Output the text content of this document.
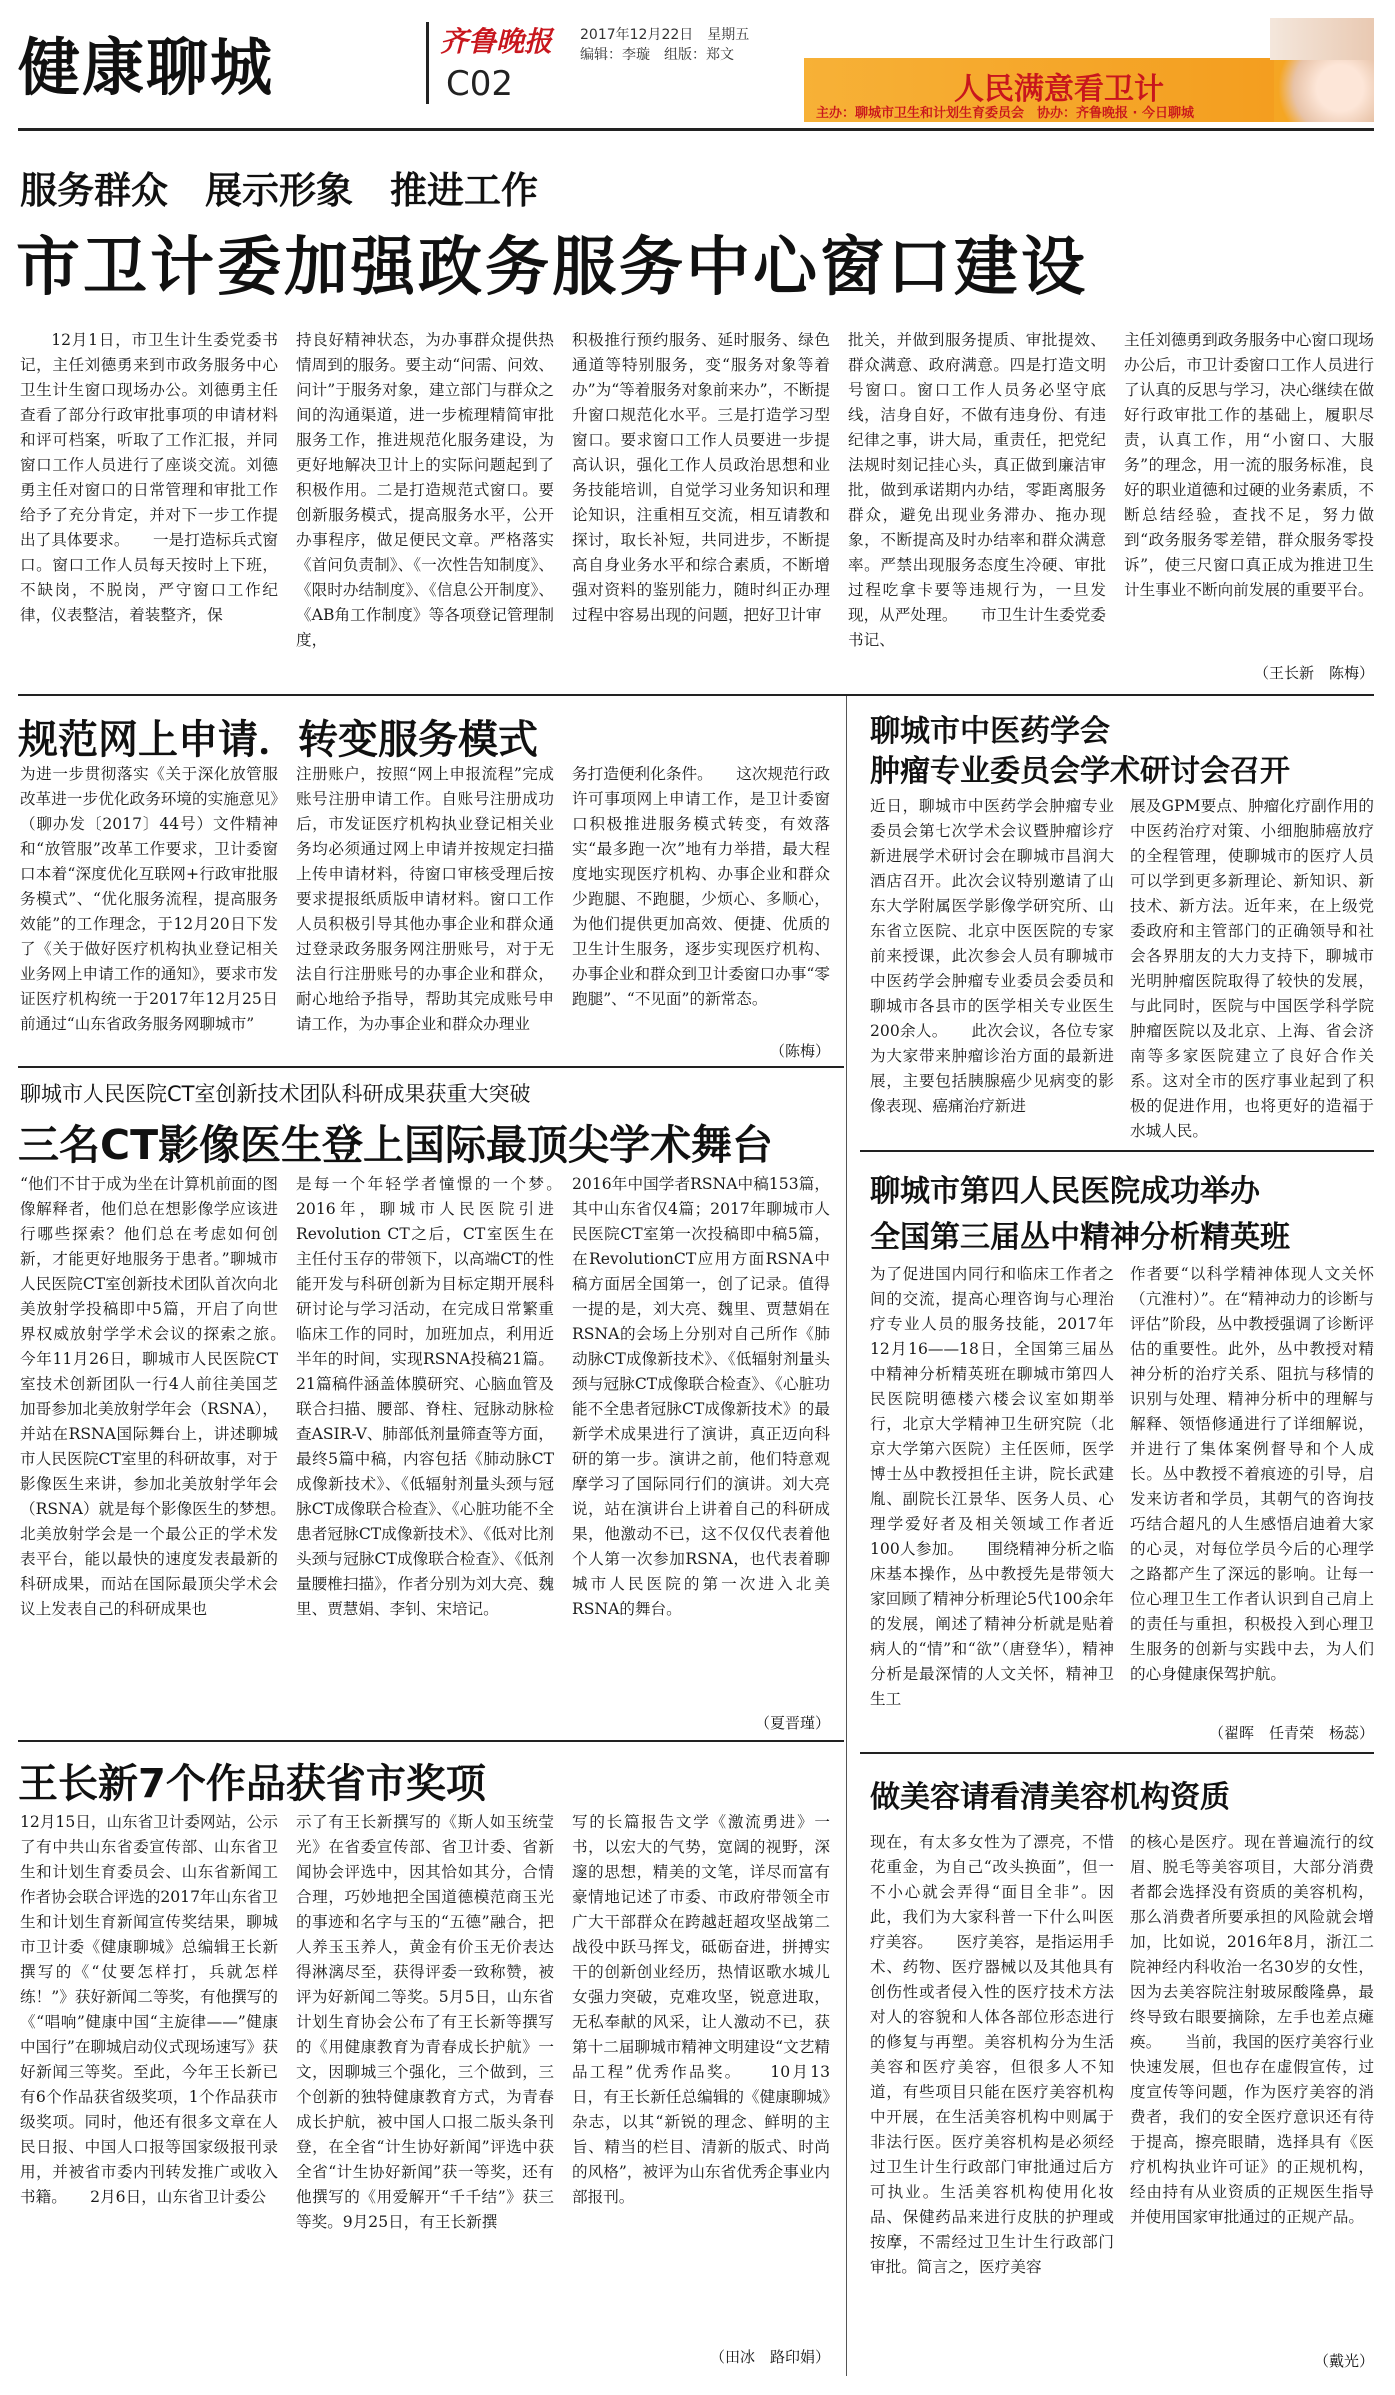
健康聊城	齐鲁晚报
C02
2017年12月22日　 星期五
编辑：李璇　 组版：郑文
人民满意看卫计
主办：聊城市卫生和计划生育委员会　 协办：齐鲁晚报 · 今日聊城
服务群众　展示形象　推进工作
市卫计委加强政务服务中心窗口建设
12月1日，市卫生计生委党委书记，主任刘德勇来到市政务服务中心卫生计生窗口现场办公。刘德勇主任查看了部分行政审批事项的申请材料和评可档案，听取了工作汇报，并同窗口工作人员进行了座谈交流。刘德勇主任对窗口的日常管理和审批工作给予了充分肯定，并对下一步工作提出了具体要求。　　一是打造标兵式窗口。窗口工作人员每天按时上下班，不缺岗，不脱岗，严守窗口工作纪律，仪表整洁，着装整齐，保
持良好精神状态，为办事群众提供热情周到的服务。要主动“问需、问效、问计”于服务对象，建立部门与群众之间的沟通渠道，进一步梳理精简审批服务工作，推进规范化服务建设，为更好地解决卫计上的实际问题起到了积极作用。二是打造规范式窗口。要创新服务模式，提高服务水平，公开办事程序，做足便民文章。严格落实《首问负责制》、《一次性告知制度》、《限时办结制度》、《信息公开制度》、《AB角工作制度》等各项登记管理制度，
积极推行预约服务、延时服务、绿色通道等特别服务，变“服务对象等着办”为“等着服务对象前来办”，不断提升窗口规范化水平。三是打造学习型窗口。要求窗口工作人员要进一步提高认识，强化工作人员政治思想和业务技能培训，自觉学习业务知识和理论知识，注重相互交流，相互请教和探讨，取长补短，共同进步，不断提高自身业务水平和综合素质，不断增强对资料的鉴别能力，随时纠正办理过程中容易出现的问题，把好卫计审
批关，并做到服务提质、审批提效、群众满意、政府满意。四是打造文明号窗口。窗口工作人员务必坚守底线，洁身自好，不做有违身份、有违纪律之事，讲大局，重责任，把党纪法规时刻记挂心头，真正做到廉洁审批，做到承诺期内办结，零距离服务群众，避免出现业务滞办、拖办现象，不断提高及时办结率和群众满意率。严禁出现服务态度生冷硬、审批过程吃拿卡要等违规行为，一旦发现，从严处理。　　市卫生计生委党委书记、
主任刘德勇到政务服务中心窗口现场办公后，市卫计委窗口工作人员进行了认真的反思与学习，决心继续在做好行政审批工作的基础上，履职尽责，认真工作，用“小窗口、大服务”的理念，用一流的服务标准，良好的职业道德和过硬的业务素质，不断总结经验，查找不足，努力做到“政务服务零差错，群众服务零投诉”，使三尺窗口真正成为推进卫生计生事业不断向前发展的重要平台。
（王长新　陈梅）
规范网上申请．转变服务模式
为进一步贯彻落实《关于深化放管服改革进一步优化政务环境的实施意见》（聊办发〔2017〕44号）文件精神和“放管服”改革工作要求，卫计委窗口本着“深度优化互联网+行政审批服务模式”、“优化服务流程，提高服务效能”的工作理念，于12月20日下发了《关于做好医疗机构执业登记相关业务网上申请工作的通知》，要求市发证医疗机构统一于2017年12月25日前通过“山东省政务服务网聊城市”
注册账户，按照“网上申报流程”完成账号注册申请工作。自账号注册成功后，市发证医疗机构执业登记相关业务均必须通过网上申请并按规定扫描上传申请材料，待窗口审核受理后按要求提报纸质版申请材料。窗口工作人员积极引导其他办事企业和群众通过登录政务服务网注册账号，对于无法自行注册账号的办事企业和群众，耐心地给予指导，帮助其完成账号申请工作，为办事企业和群众办理业
务打造便利化条件。　　这次规范行政许可事项网上申请工作，是卫计委窗口积极推进服务模式转变，有效落实“最多跑一次”地有力举措，最大程度地实现医疗机构、办事企业和群众少跑腿、不跑腿，少烦心、多顺心，为他们提供更加高效、便捷、优质的卫生计生服务，逐步实现医疗机构、办事企业和群众到卫计委窗口办事“零跑腿”、“不见面”的新常态。
（陈梅）
聊城市人民医院CT室创新技术团队科研成果获重大突破
三名CT影像医生登上国际最顶尖学术舞台
“他们不甘于成为坐在计算机前面的图像解释者，他们总在想影像学应该进行哪些探索？他们总在考虑如何创新，才能更好地服务于患者。”聊城市人民医院CT室创新技术团队首次向北美放射学投稿即中5篇，开启了向世界权威放射学学术会议的探索之旅。　　今年11月26日，聊城市人民医院CT室技术创新团队一行4人前往美国芝加哥参加北美放射学年会（RSNA），并站在RSNA国际舞台上，讲述聊城市人民医院CT室里的科研故事，对于影像医生来讲，参加北美放射学年会（RSNA）就是每个影像医生的梦想。　　北美放射学会是一个最公正的学术发表平台，能以最快的速度发表最新的科研成果，而站在国际最顶尖学术会议上发表自己的科研成果也
是每一个年轻学者憧憬的一个梦。　　2016年，聊城市人民医院引进Revolution CT之后，CT室医生在主任付玉存的带领下，以高端CT的性能开发与科研创新为目标定期开展科研讨论与学习活动，在完成日常繁重临床工作的同时，加班加点，利用近半年的时间，实现RSNA投稿21篇。21篇稿件涵盖体膜研究、心脑血管及联合扫描、腰部、脊柱、冠脉动脉检查ASIR-V、肺部低剂量筛查等方面，最终5篇中稿，内容包括《肺动脉CT成像新技术》、《低辐射剂量头颈与冠脉CT成像联合检查》、《心脏功能不全患者冠脉CT成像新技术》、《低对比剂头颈与冠脉CT成像联合检查》、《低剂量腰椎扫描》，作者分别为刘大亮、魏里、贾慧娟、李钊、宋培记。
2016年中国学者RSNA中稿153篇，其中山东省仅4篇；2017年聊城市人民医院CT室第一次投稿即中稿5篇，在RevolutionCT应用方面RSNA中稿方面居全国第一，创了记录。值得一提的是，刘大亮、魏里、贾慧娟在RSNA的会场上分别对自己所作《肺动脉CT成像新技术》、《低辐射剂量头颈与冠脉CT成像联合检查》、《心脏功能不全患者冠脉CT成像新技术》的最新学术成果进行了演讲，真正迈向科研的第一步。演讲之前，他们特意观摩学习了国际同行们的演讲。刘大亮说，站在演讲台上讲着自己的科研成果，他激动不已，这不仅仅代表着他个人第一次参加RSNA，也代表着聊城市人民医院的第一次进入北美RSNA的舞台。
（夏晋瑾）
王长新7个作品获省市奖项
12月15日，山东省卫计委网站，公示了有中共山东省委宣传部、山东省卫生和计划生育委员会、山东省新闻工作者协会联合评选的2017年山东省卫生和计划生育新闻宣传奖结果，聊城市卫计委《健康聊城》总编辑王长新撰写的《“仗要怎样打，兵就怎样练！”》获好新闻二等奖，有他撰写的《“唱响”健康中国“主旋律——”健康中国行”在聊城启动仪式现场速写》获好新闻三等奖。至此，今年王长新已有6个作品获省级奖项，1个作品获市级奖项。同时，他还有很多文章在人民日报、中国人口报等国家级报刊录用，并被省市委内刊转发推广或收入书籍。　　2月6日，山东省卫计委公
示了有王长新撰写的《斯人如玉统莹光》在省委宣传部、省卫计委、省新闻协会评选中，因其恰如其分，合情合理，巧妙地把全国道德模范商玉光的事迹和名字与玉的“五德”融合，把人养玉玉养人，黄金有价玉无价表达得淋漓尽至，获得评委一致称赞，被评为好新闻二等奖。5月5日，山东省计划生育协会公布了有王长新等撰写的《用健康教育为青春成长护航》一文，因聊城三个强化，三个做到，三个创新的独特健康教育方式，为青春成长护航，被中国人口报二版头条刊登，在全省“计生协好新闻”评选中获全省“计生协好新闻”获一等奖，还有他撰写的《用爱解开“千千结”》获三等奖。9月25日，有王长新撰
写的长篇报告文学《激流勇进》一书，以宏大的气势，宽阔的视野，深邃的思想，精美的文笔，详尽而富有豪情地记述了市委、市政府带领全市广大干部群众在跨越赶超攻坚战第二战役中跃马挥戈，砥砺奋进，拼搏实干的创新创业经历，热情讴歌水城儿女强力突破，克难攻坚，锐意进取，无私奉献的风采，让人激动不已，获第十二届聊城市精神文明建设“文艺精品工程”优秀作品奖。　　10月13日，有王长新任总编辑的《健康聊城》杂志，以其“新锐的理念、鲜明的主旨、精当的栏目、清新的版式、时尚的风格”，被评为山东省优秀企事业内部报刊。
（田冰　路印娟）
聊城市中医药学会
肿瘤专业委员会学术研讨会召开
近日，聊城市中医药学会肿瘤专业委员会第七次学术会议暨肿瘤诊疗新进展学术研讨会在聊城市昌润大酒店召开。此次会议特别邀请了山东大学附属医学影像学研究所、山东省立医院、北京中医医院的专家前来授课，此次参会人员有聊城市中医药学会肿瘤专业委员会委员和聊城市各县市的医学相关专业医生200余人。　　此次会议，各位专家为大家带来肿瘤诊治方面的最新进展，主要包括胰腺癌少见病变的影像表现、癌痛治疗新进
展及GPM要点、肿瘤化疗副作用的中医药治疗对策、小细胞肺癌放疗的全程管理，使聊城市的医疗人员可以学到更多新理论、新知识、新技术、新方法。近年来，在上级党委政府和主管部门的正确领导和社会各界朋友的大力支持下，聊城市光明肿瘤医院取得了较快的发展，与此同时，医院与中国医学科学院肿瘤医院以及北京、上海、省会济南等多家医院建立了良好合作关系。这对全市的医疗事业起到了积极的促进作用，也将更好的造福于水城人民。
聊城市第四人民医院成功举办
全国第三届丛中精神分析精英班
为了促进国内同行和临床工作者之间的交流，提高心理咨询与心理治疗专业人员的服务技能，2017年12月16——18日，全国第三届丛中精神分析精英班在聊城市第四人民医院明德楼六楼会议室如期举行，北京大学精神卫生研究院（北京大学第六医院）主任医师，医学博士丛中教授担任主讲，院长武建胤、副院长江景华、医务人员、心理学爱好者及相关领域工作者近100人参加。　　围绕精神分析之临床基本操作，丛中教授先是带领大家回顾了精神分析理论5代100余年的发展，阐述了精神分析就是贴着病人的“情”和“欲”（唐登华），精神分析是最深情的人文关怀，精神卫生工
作者要“以科学精神体现人文关怀（亢淮村）”。在“精神动力的诊断与评估”阶段，丛中教授强调了诊断评估的重要性。此外，丛中教授对精神分析的治疗关系、阻抗与移情的识别与处理、精神分析中的理解与解释、领悟修通进行了详细解说，并进行了集体案例督导和个人成长。丛中教授不着痕迹的引导，启发来访者和学员，其朝气的咨询技巧结合超凡的人生感悟启迪着大家的心灵，对每位学员今后的心理学之路都产生了深远的影响。让每一位心理卫生工作者认识到自己肩上的责任与重担，积极投入到心理卫生服务的创新与实践中去，为人们的心身健康保驾护航。
（翟晖　任青荣　杨蕊）
做美容请看清美容机构资质
现在，有太多女性为了漂亮，不惜花重金，为自己“改头换面”，但一不小心就会弄得“面目全非”。因此，我们为大家科普一下什么叫医疗美容。　　医疗美容，是指运用手术、药物、医疗器械以及其他具有创伤性或者侵入性的医疗技术方法对人的容貌和人体各部位形态进行的修复与再塑。美容机构分为生活美容和医疗美容，但很多人不知道，有些项目只能在医疗美容机构中开展，在生活美容机构中则属于非法行医。医疗美容机构是必须经过卫生计生行政部门审批通过后方可执业。生活美容机构使用化妆品、保健药品来进行皮肤的护理或按摩，不需经过卫生计生行政部门审批。简言之，医疗美容
的核心是医疗。现在普遍流行的纹眉、脱毛等美容项目，大部分消费者都会选择没有资质的美容机构，那么消费者所要承担的风险就会增加，比如说，2016年8月，浙江二院神经内科收治一名30岁的女性，因为去美容院注射玻尿酸隆鼻，最终导致右眼要摘除，左手也差点瘫痪。　　当前，我国的医疗美容行业快速发展，但也存在虚假宣传，过度宣传等问题，作为医疗美容的消费者，我们的安全医疗意识还有待于提高，擦亮眼睛，选择具有《医疗机构执业许可证》的正规机构，经由持有从业资质的正规医生指导并使用国家审批通过的正规产品。
（戴光）
